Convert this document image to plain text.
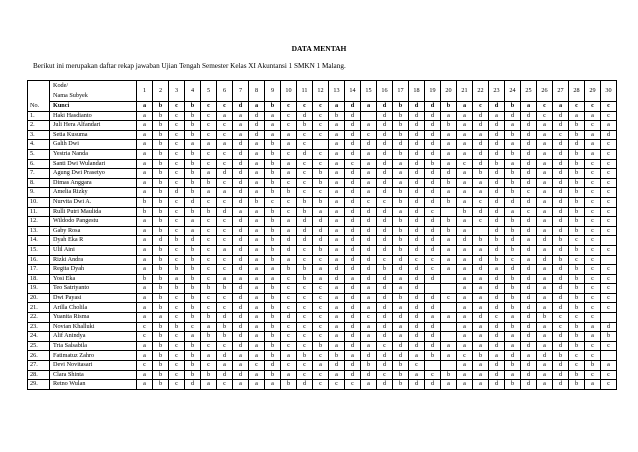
DATA MENTAH
Berikut ini merupakan daftar rekap jawaban Ujian Tengah Semester Kelas XI Akuntansi 1 SMKN 1 Malang.
No.	Kode/
Nama Subyek	1	2	3	4	5	6	7	8	9	10	11	12	13	14	15	16	17	18	19	20	21	22	23	24	25	26	27	28	29	30
	Kunci	a	b	c	b	c	c	d	a	b	c	c	c	a	d	a	d	b	d	d	b	a	c	d	b	a	c	a	c	c	c
1.	Haki Hasdianto	a	b	c	b	c	a	a	d	a	c	d	c	b	d		d	b	d	d	a	a	d	a	d	d	c	d	a	a	c
2.	Juli Hera Alfandari	a	b	c	b	c	c	a	d	a	c	b	c	a	d	a	d	b	d	d	b	a	d	d	a	d	a	d	b	c	a
3.	Setia Kusuma	a	b	c	b	c	c	a	d	a	a	c	c	a	d	c	d	b	d	d	a	a	a	d	b	d	a	c	b	a	d
4.	Galih Dwi	a	b	c	a	a	a	d	a	b	a	c		a	d	d	d	d	d	d	a	a	d	d	a	d	a	d	d	a	c
5.	Yestria Nanda	a	b	c	b	c	c	d	a	b	c	d	c	a	d	a	d	b	d	d	a	a	d	d	b	d	a	d	b	a	c
6.	Santi Dwi Wulandari	a	b	c	b	c	c	d	a	b	a	c	c	a	c	a	d	a	d	b	a	c	d	b	a	d	a	d	b	c	c
7.	Agung Dwi Prasetyo	a	b	c	b	a	d	d	a	b	a	c	b	a	d	a	d	a	d	d	d	a	b	d	b	d	a	d	b	c	c
8.	Dimas Anggara	a	b	c	b	b	c	d	a	b	c	c	b	a	d	a	d	a	d	d	b	a	a	d	b	d	a	d	b	c	c
9.	Amelia Rizky	a	b	d	b	a	a	d	a	b	b	c	c	a	d	a	d	b	d	d	a	a	a	d	b	c	a	d	b	c	c
10.	Nurvita Dwi A.	b	b	c	d	c	c	d	b	c	c	b	b	a	d	c	c	b	d	d	b	a	c	d	d	d	a	d	b	c	c
11.	Rulli Putri Maulida	b	b	c	b	b	d	a	a	b	c	b	a	a	d	d	d	a	d	c		b	d	d	a	c	a	d	b	c	c
12.	Wildodo Pangestu	a	b	c	a	c	c	d	a	b	a	d	d	a	d	d	d	b	d	d	b	a	c	d	b	d	a	d	b	c	c
13.	Gaby Rosa	a	b	c	a	c	c	d	a	b	a	d	d	a	d	d	d	b	d	d	b	a		d	b	d	a	d	b	c	c
14.	Dyah Eka R	a	d	b	d	c	c	d	a	b	d	d	d	a	d	d	d	b	d	d	a	d	b	b	d	a	d	b	c	c	
15.	Ulil Aini	a	b	c	b	c	a	d	a	b	d	c	b	a	d	d	d	b	d	d	a	a	a	d	b	d	a	d	b	c	c
16.	Rizki Andra	a	b	c	b	c	c	d	a	b	a	c	c	a	d	d	c	d	c	c	a	a	d	b	c	a	d	b	c	c	
17.	Regita Dyah	a	b	b	b	c	c	d	a	a	b	b	a	d	d	d	b	d	d	c	a	a	d	a	d	d	a	d	b	c	c
18.	Yosi Eka	b	b	a	b	c	a	a	a	a	c	b	a	d	a	d	d	a	d	d		a	a	d	b	d	a	d	b	c	c
19.	Teo Satriyanto	a	b	b	b	b	b	d	a	b	c	c	c	a	d	a	d	a	d			a	a	d	b	d	a	d	b	c	c
20.	Dwi Payasi	a	b	c	b	c	c	d	a	b	c	c	c	a	d	a	d	b	d	d	c	a	a	d	b	d	a	d	b	c	c
21.	Arilla Cholila	a	b	c	b	c	c	d	a	b	c	c	c	a	d	a	d	a	d	d		a	a	d	b	d	a	d	b	c	c
22.	Yuanita Risma	a	a	c	b	b	d	d	a	b	d	c	c	a	d	c	d	d	d	a	a	a	d	c	a	d	b	c	c	c	
23.	Novian Khalluki	c	b	b	c	a	b	d	a	b	c	c	c	a	d	a	d	a	d	d		a	a	d	b	d	a	c	b	a	d
24.	Alif Anindya	c	b	c	a	b	b	d	a	b	c	c	c	a	d	a	d	a	d	d		a	a	d	a	d	a	d	b	a	b
25.	Tria Salsabila	a	b	c	b	c	c	d	a	b	c	c	b	a	d	a	c	d	d	d	a	a	a	d	a	d	a	d	b	c	c
26.	Fatimatuz Zahro	a	b	c	b	a	d	a	a	b	a	b	c	b	a	d	d	d	a	b	a	c	b	a	d	a	d	b	c	c	
27.	Devi Novitasari	c	b	c	b	c	a	a	c	d	c	c	a	d	d	b	d	b	c			a	a	d	b	d	a	d	c	b	a
28.	Clara Shinta	a	b	c	b	b	d	d	a	b	a	c	c	a	d	d	c	b	a	c	b	a	a	d	a	d	a	d	b	c	c
29.	Retno Wulan	a	b	c	d	a	c	a	a	a	b	d	c	c	c	a	d	b	d	d	a	a	a	d	b	d	a	d	b	a	c
